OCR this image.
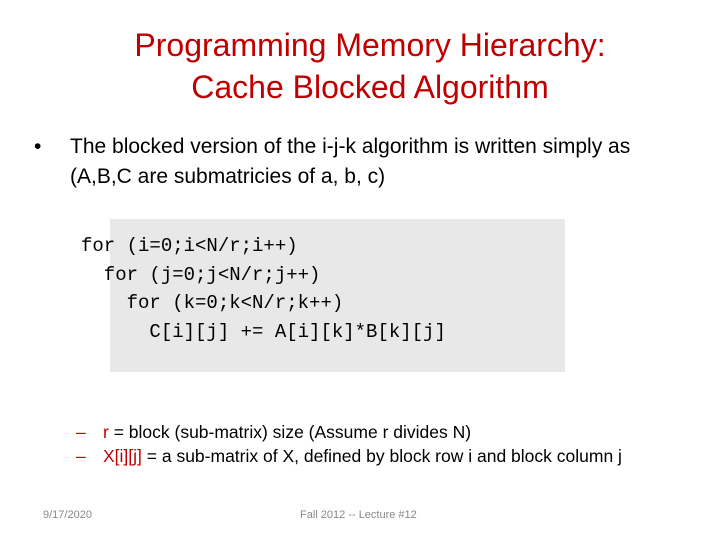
Programming Memory Hierarchy:
Cache Blocked Algorithm
• The blocked version of the i-j-k algorithm is written simply as (A,B,C are submatricies of a, b, c)
for (i=0;i<N/r;i++)
for (j=0;j<N/r;j++)
for (k=0;k<N/r;k++)
C[i][j] += A[i][k]*B[k][j]
– r = block (sub-matrix) size (Assume r divides N)
– X[i][j] = a sub-matrix of X, defined by block row i and block column j
9/17/2020	Fall 2012 -- Lecture #12
